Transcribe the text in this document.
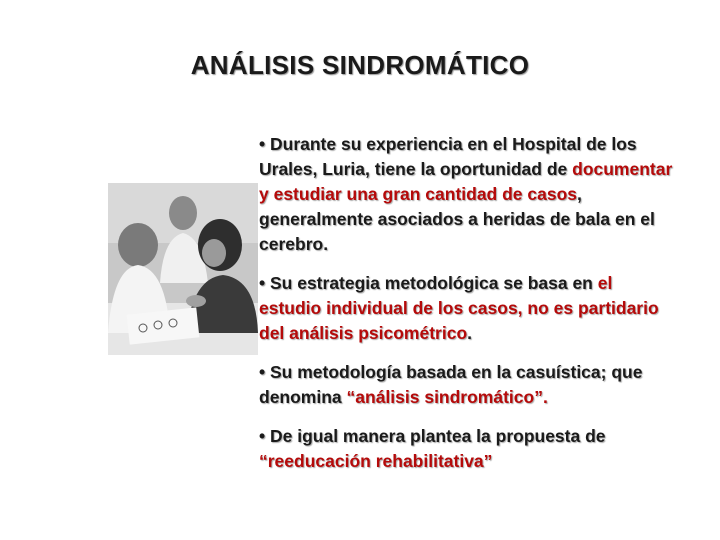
ANÁLISIS SINDROMÁTICO

• Durante su experiencia en el Hospital de los Urales, Luria, tiene la oportunidad de documentar y estudiar una gran cantidad de casos, generalmente asociados a heridas de bala en el cerebro.

• Su estrategia metodológica se basa en el estudio individual de los casos, no es partidario del análisis psicométrico.

• Su metodología basada en la casuística; que denomina “análisis sindromático”.

• De igual manera plantea la propuesta de “reeducación rehabilitativa”
